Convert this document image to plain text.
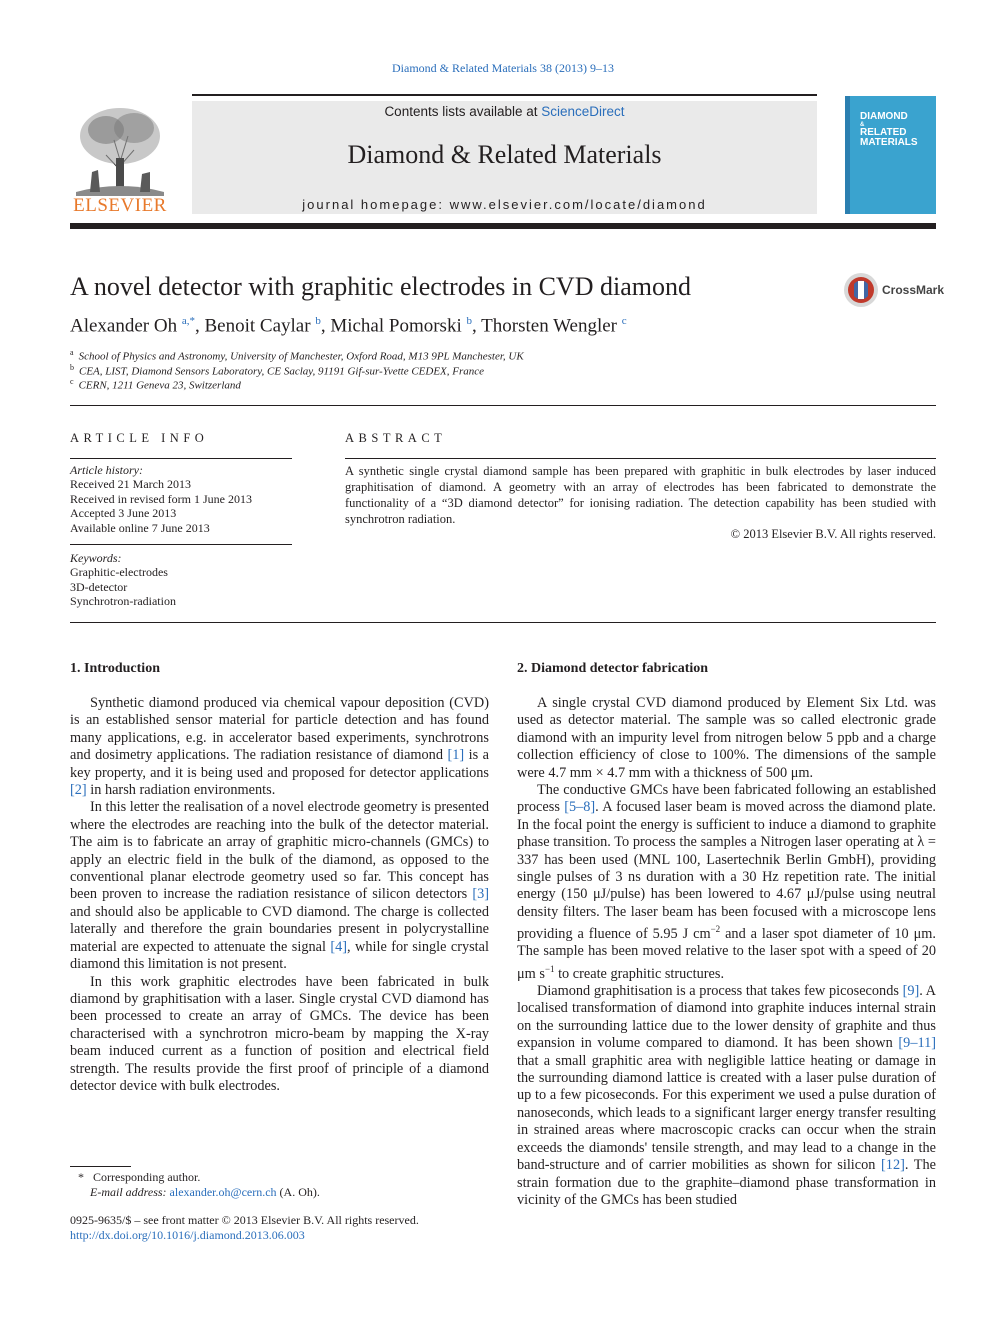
Diamond & Related Materials 38 (2013) 9–13
ELSEVIER
Contents lists available at ScienceDirect
Diamond & Related Materials
journal homepage: www.elsevier.com/locate/diamond
DIAMOND
&
RELATED
MATERIALS
A novel detector with graphitic electrodes in CVD diamond	CrossMark
Alexander Oh $^{a,*}$, Benoit Caylar $^b$, Michal Pomorski $^b$, Thorsten Wengler $^c$
$^a$ School of Physics and Astronomy, University of Manchester, Oxford Road, M13 9PL Manchester, UK
$^b$ CEA, LIST, Diamond Sensors Laboratory, CE Saclay, 91191 Gif-sur-Yvette CEDEX, France
$^c$ CERN, 1211 Geneva 23, Switzerland
ARTICLE INFO
Article history:
Received 21 March 2013
Received in revised form 1 June 2013
Accepted 3 June 2013
Available online 7 June 2013
Keywords:
Graphitic-electrodes
3D-detector
Synchrotron-radiation
ABSTRACT
A synthetic single crystal diamond sample has been prepared with graphitic in bulk electrodes by laser induced graphitisation of diamond. A geometry with an array of electrodes has been fabricated to demonstrate the functionality of a “3D diamond detector” for ionising radiation. The detection capability has been studied with synchrotron radiation.
© 2013 Elsevier B.V. All rights reserved.
1. Introduction	2. Diamond detector fabrication

Synthetic diamond produced via chemical vapour deposition (CVD) is an established sensor material for particle detection and has found many applications, e.g. in accelerator based experiments, synchrotrons and dosimetry applications. The radiation resistance of diamond [1] is a key property, and it is being used and proposed for detector applications [2] in harsh radiation environments.

In this letter the realisation of a novel electrode geometry is presented where the electrodes are reaching into the bulk of the detector material. The aim is to fabricate an array of graphitic micro-channels (GMCs) to apply an electric field in the bulk of the diamond, as opposed to the conventional planar electrode geometry used so far. This concept has been proven to increase the radiation resistance of silicon detectors [3] and should also be applicable to CVD diamond. The charge is collected laterally and therefore the grain boundaries present in polycrystalline material are expected to attenuate the signal [4], while for single crystal diamond this limitation is not present.

In this work graphitic electrodes have been fabricated in bulk diamond by graphitisation with a laser. Single crystal CVD diamond has been processed to create an array of GMCs. The device has been characterised with a synchrotron micro-beam by mapping the X-ray beam induced current as a function of position and electrical field strength. The results provide the first proof of principle of a diamond detector device with bulk electrodes.

A single crystal CVD diamond produced by Element Six Ltd. was used as detector material. The sample was so called electronic grade diamond with an impurity level from nitrogen below 5 ppb and a charge collection efficiency of close to 100%. The dimensions of the sample were 4.7 mm × 4.7 mm with a thickness of 500 μm.

The conductive GMCs have been fabricated following an established process [5–8]. A focused laser beam is moved across the diamond plate. In the focal point the energy is sufficient to induce a diamond to graphite phase transition. To process the samples a Nitrogen laser operating at λ = 337 has been used (MNL 100, Lasertechnik Berlin GmbH), providing single pulses of 3 ns duration with a 30 Hz repetition rate. The initial energy (150 μJ/pulse) has been lowered to 4.67 μJ/pulse using neutral density filters. The laser beam has been focused with a microscope lens providing a fluence of 5.95 J $cm^{-2}$ and a laser spot diameter of 10 μm. The sample has been moved relative to the laser spot with a speed of 20 μm $s^{-1}$ to create graphitic structures.

Diamond graphitisation is a process that takes few picoseconds [9]. A localised transformation of diamond into graphite induces internal strain on the surrounding lattice due to the lower density of graphite and thus expansion in volume compared to diamond. It has been shown [9–11] that a small graphitic area with negligible lattice heating or damage in the surrounding diamond lattice is created with a laser pulse duration of up to a few picoseconds. For this experiment we used a pulse duration of nanoseconds, which leads to a significant larger energy transfer resulting in strained areas where macroscopic cracks can occur when the strain exceeds the diamonds' tensile strength, and may lead to a change in the band-structure and of carrier mobilities as shown for silicon [12]. The strain formation due to the graphite–diamond phase transformation in vicinity of the GMCs has been studied

* Corresponding author.
E-mail address: alexander.oh@cern.ch (A. Oh).
0925-9635/$ – see front matter © 2013 Elsevier B.V. All rights reserved.
http://dx.doi.org/10.1016/j.diamond.2013.06.003
